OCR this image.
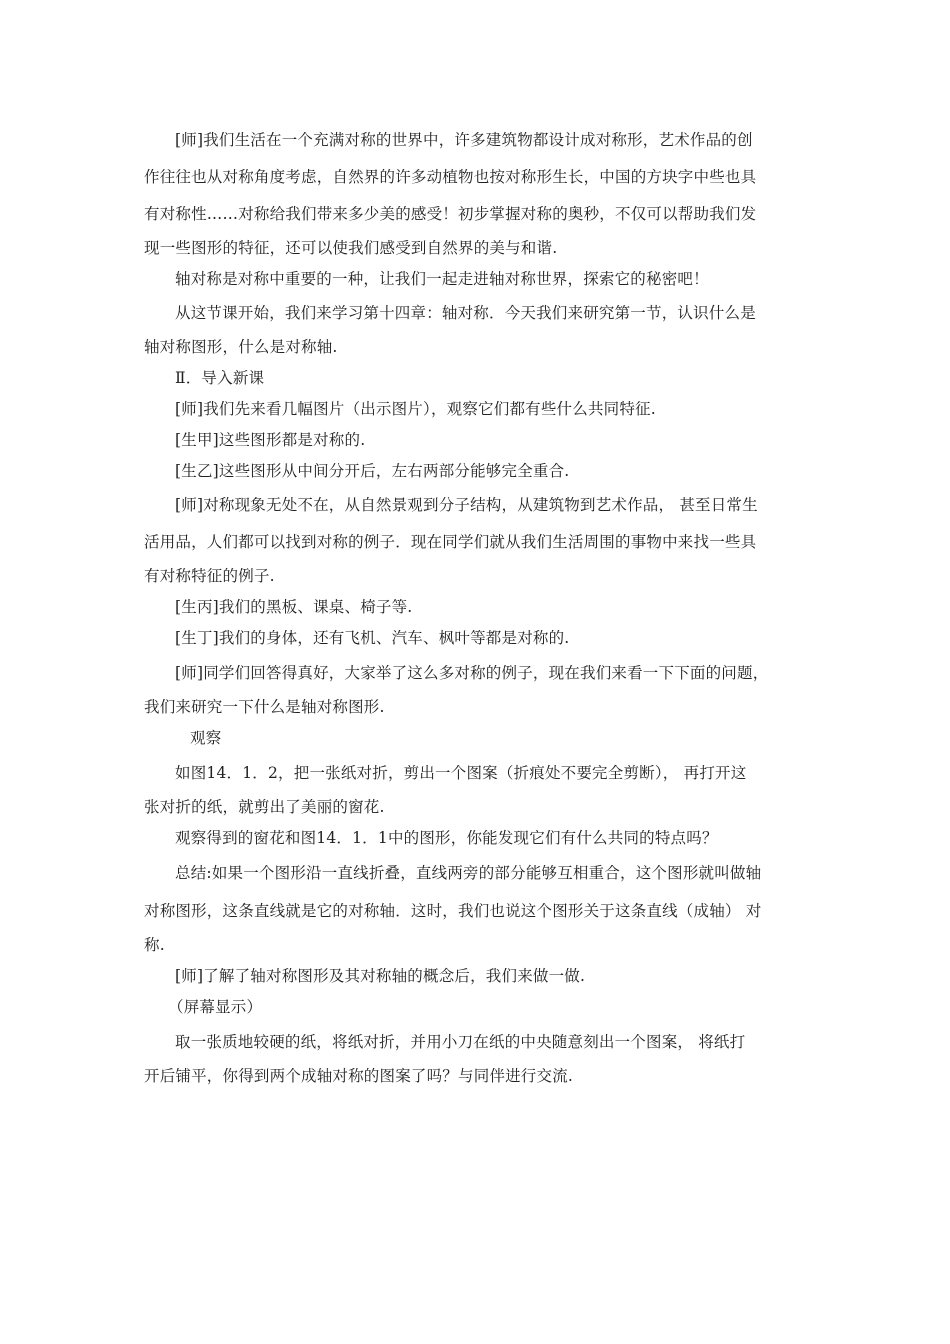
[师]我们生活在一个充满对称的世界中，许多建筑物都设计成对称形，艺术作品的创

作往往也从对称角度考虑，自然界的许多动植物也按对称形生长，中国的方块字中些也具

有对称性……对称给我们带来多少美的感受！初步掌握对称的奥秒，不仅可以帮助我们发

现一些图形的特征，还可以使我们感受到自然界的美与和谐.

轴对称是对称中重要的一种，让我们一起走进轴对称世界，探索它的秘密吧！

从这节课开始，我们来学习第十四章：轴对称．今天我们来研究第一节，认识什么是

轴对称图形，什么是对称轴.

Ⅱ．导入新课

[师]我们先来看几幅图片（出示图片），观察它们都有些什么共同特征.

[生甲]这些图形都是对称的.

[生乙]这些图形从中间分开后，左右两部分能够完全重合.

[师]对称现象无处不在，从自然景观到分子结构，从建筑物到艺术作品， 甚至日常生

活用品，人们都可以找到对称的例子．现在同学们就从我们生活周围的事物中来找一些具

有对称特征的例子.

[生丙]我们的黑板、课桌、椅子等.

[生丁]我们的身体，还有飞机、汽车、枫叶等都是对称的.

[师]同学们回答得真好，大家举了这么多对称的例子，现在我们来看一下下面的问题，

我们来研究一下什么是轴对称图形.

观察

如图14．1．2，把一张纸对折，剪出一个图案（折痕处不要完全剪断）， 再打开这

张对折的纸，就剪出了美丽的窗花.

观察得到的窗花和图14．1．1中的图形，你能发现它们有什么共同的特点吗？

总结:如果一个图形沿一直线折叠，直线两旁的部分能够互相重合，这个图形就叫做轴

对称图形，这条直线就是它的对称轴．这时，我们也说这个图形关于这条直线（成轴） 对

称.

[师]了解了轴对称图形及其对称轴的概念后，我们来做一做.

（屏幕显示）

取一张质地较硬的纸，将纸对折，并用小刀在纸的中央随意刻出一个图案， 将纸打

开后铺平，你得到两个成轴对称的图案了吗？与同伴进行交流.
